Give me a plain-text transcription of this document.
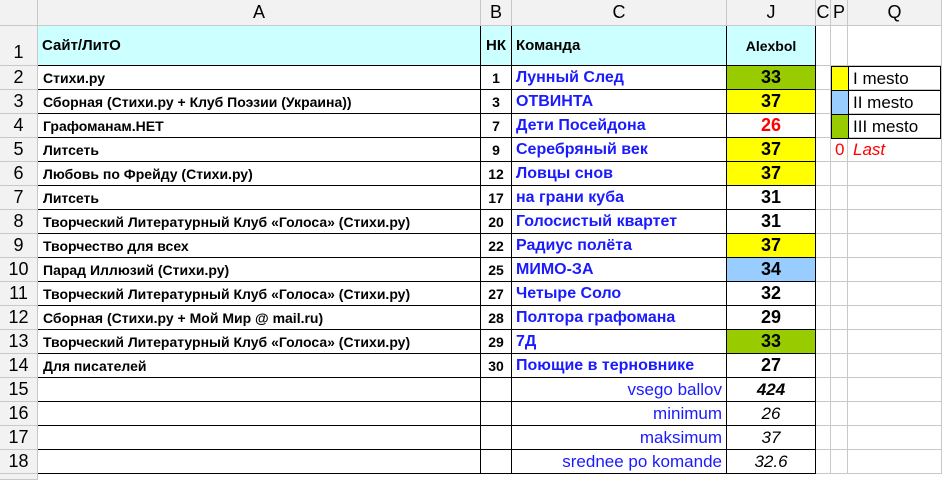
A	B	C	J	C P	Q
1
2
3
4
5
6
7
8
9
10
11
12
13
14
15
16
17
18
Сайт/ЛитО	НК Команда	Alexbol
Стихи.ру	1	Лунный След	33
Сборная (Стихи.ру + Клуб Поэзии (Украина))	3	ОТВИНТА	37
Графоманам.НЕТ	7	Дети Посейдона	26
Литсеть	9	Серебряный век	37
Любовь по Фрейду (Стихи.ру)	12 Ловцы снов	37
Литсеть	17 на грани куба	31
Творческий Литературный Клуб «Голоса» (Стихи.ру)	20 Голосистый квартет	31
Творчество для всех	22 Радиус полёта	37
Парад Иллюзий (Стихи.ру)	25 МИМО-ЗА	34
Творческий Литературный Клуб «Голоса» (Стихи.ру)	27 Четыре Соло	32
Сборная (Стихи.ру + Мой Мир @ mail.ru)	28 Полтора графомана	29
Творческий Литературный Клуб «Голоса» (Стихи.ру)	29 7Д	33
Для писателей	30 Поющие в терновнике	27
vsego ballov	424
minimum	26
maksimum	37
srednee po komande	32.6
I mesto
II mesto
III mesto
0 Last
